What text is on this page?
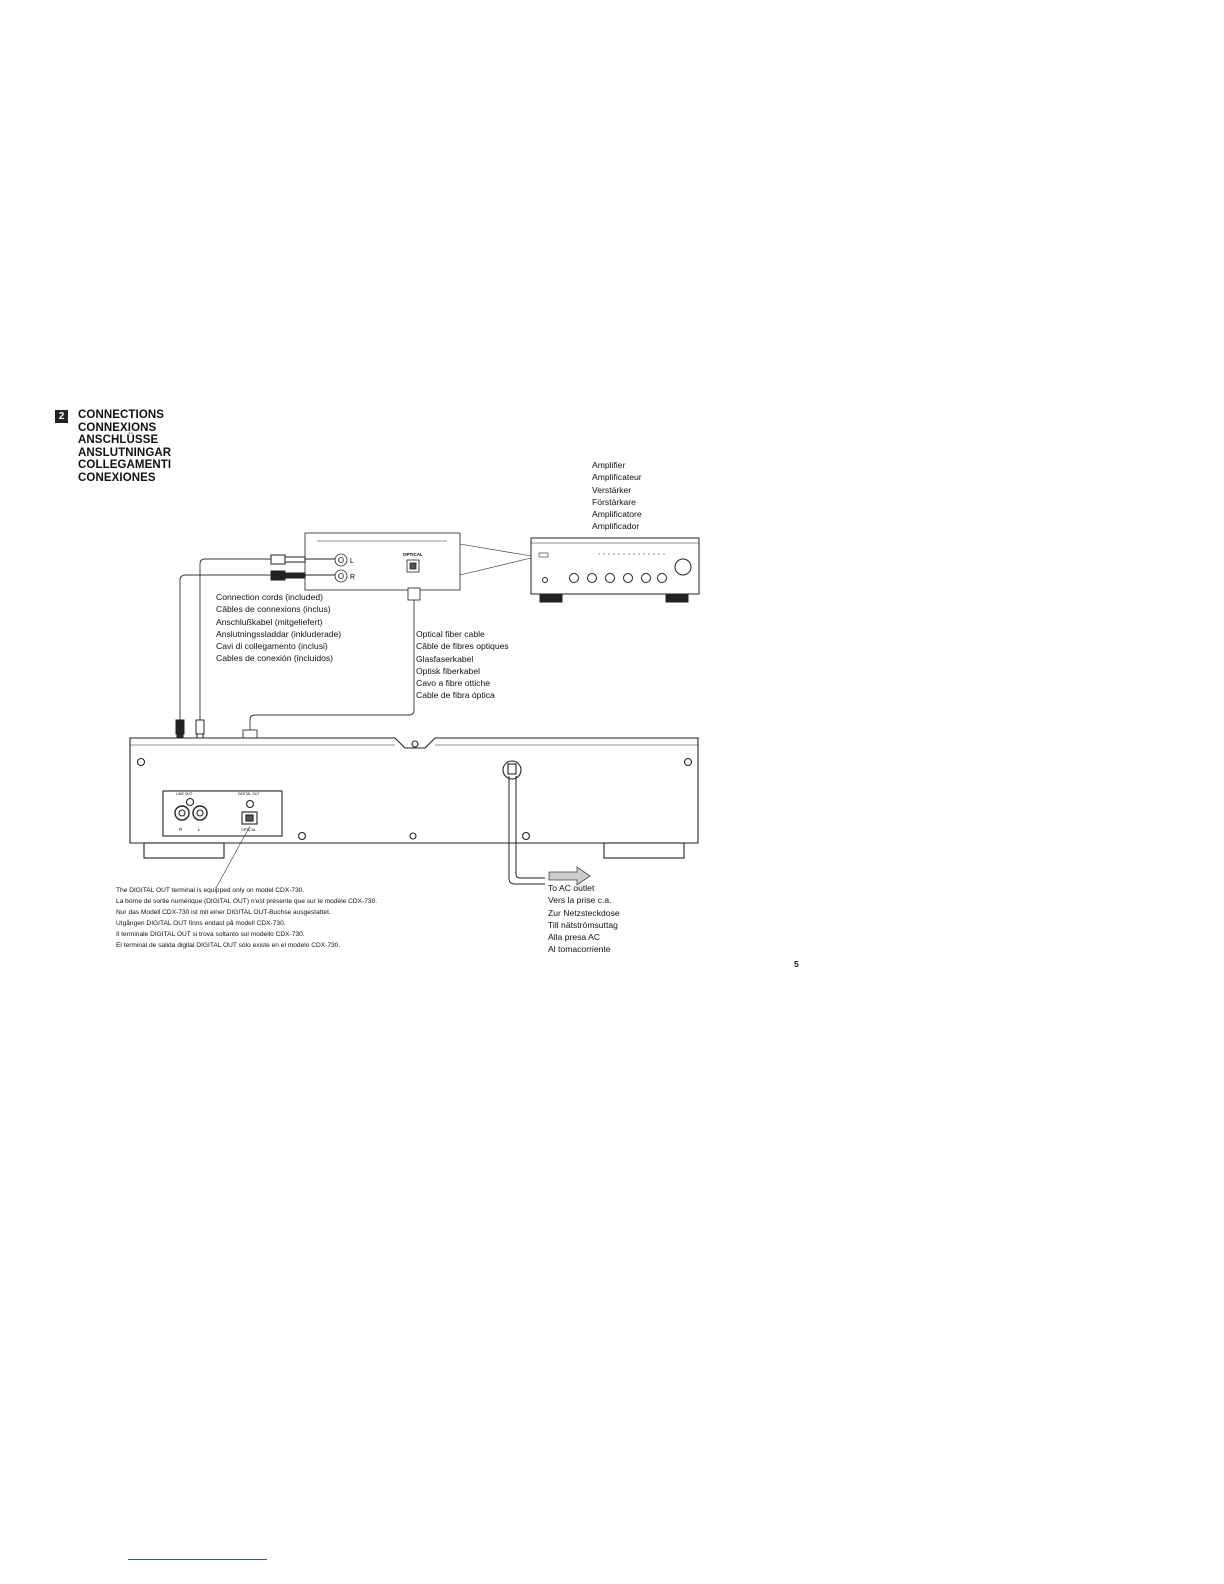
2	CONNECTIONS
CONNEXIONS
ANSCHLÜSSE
ANSLUTNINGAR
COLLEGAMENTI
CONEXIONES
OPTICAL
L
R
LINE OUT	DIGITAL OUT
R	L	OPTICAL
Amplifier
Amplificateur
Verstärker
Förstärkare
Amplificatore
Amplificador
Connection cords (included)
Câbles de connexions (inclus)
Anschlußkabel (mitgeliefert)
Anslutningssladdar (inkluderade)
Cavi di collegamento (inclusi)
Cables de conexión (incluidos)
Optical fiber cable
Câble de fibres optiques
Glasfaserkabel
Optisk fiberkabel
Cavo a fibre ottiche
Cable de fibra óptica
To AC outlet
Vers la prise c.a.
Zur Netzsteckdose
Till nätströmsuttag
Alla presa AC
Al tomacorriente
The DIGITAL OUT terminal is equipped only on model CDX-730.
La borne de sortie numérique (DIGITAL OUT) n'est présente que sur le modèle CDX-730.
Nur das Modell CDX-730 ist mit einer DIGITAL OUT-Buchse ausgestattet.
Utgången DIGITAL OUT finns endast på modell CDX-730.
Il terminale DIGITAL OUT si trova soltanto sul modello CDX-730.
El terminal de salida digital DIGITAL OUT sólo existe en el modelo CDX-730.
5
